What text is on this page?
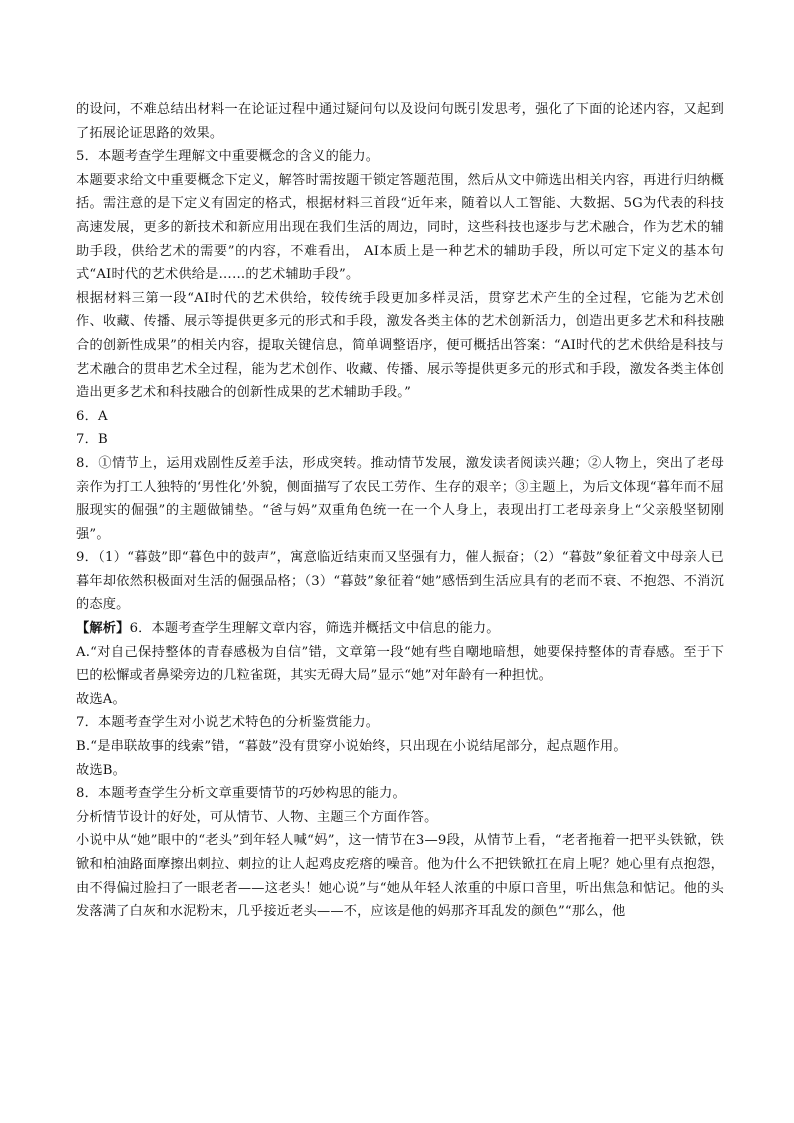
的设问，不难总结出材料一在论证过程中通过疑问句以及设问句既引发思考，强化了下面的论述内容，又起到了拓展论证思路的效果。

5．本题考查学生理解文中重要概念的含义的能力。

本题要求给文中重要概念下定义，解答时需按题干锁定答题范围，然后从文中筛选出相关内容，再进行归纳概括。需注意的是下定义有固定的格式，根据材料三首段“近年来，随着以人工智能、大数据、5G为代表的科技高速发展，更多的新技术和新应用出现在我们生活的周边，同时，这些科技也逐步与艺术融合，作为艺术的辅助手段，供给艺术的需要”的内容，不难看出， AI本质上是一种艺术的辅助手段，所以可定下定义的基本句式“AI时代的艺术供给是……的艺术辅助手段”。

根据材料三第一段“AI时代的艺术供给，较传统手段更加多样灵活，贯穿艺术产生的全过程，它能为艺术创作、收藏、传播、展示等提供更多元的形式和手段，激发各类主体的艺术创新活力，创造出更多艺术和科技融合的创新性成果”的相关内容，提取关键信息，简单调整语序，便可概括出答案：“AI时代的艺术供给是科技与艺术融合的贯串艺术全过程，能为艺术创作、收藏、传播、展示等提供更多元的形式和手段，激发各类主体创造出更多艺术和科技融合的创新性成果的艺术辅助手段。”

6．A

7．B

8．①情节上，运用戏剧性反差手法，形成突转。推动情节发展，激发读者阅读兴趣；②人物上，突出了老母亲作为打工人独特的‘男性化’外貌，侧面描写了农民工劳作、生存的艰辛；③主题上，为后文体现“暮年而不屈服现实的倔强”的主题做铺垫。“爸与妈”双重角色统一在一个人身上，表现出打工老母亲身上“父亲般坚韧刚强”。

9．（1）“暮鼓”即“暮色中的鼓声”，寓意临近结束而又坚强有力，催人振奋；（2）“暮鼓”象征着文中母亲人已暮年却依然积极面对生活的倔强品格；（3）“暮鼓”象征着“她”感悟到生活应具有的老而不衰、不抱怨、不消沉的态度。

【解析】6．本题考查学生理解文章内容，筛选并概括文中信息的能力。

A.“对自己保持整体的青春感极为自信”错，文章第一段“她有些自嘲地暗想，她要保持整体的青春感。至于下巴的松懈或者鼻梁旁边的几粒雀斑，其实无碍大局”显示“她”对年龄有一种担忧。

故选A。

7．本题考查学生对小说艺术特色的分析鉴赏能力。

B.“是串联故事的线索”错，“暮鼓”没有贯穿小说始终，只出现在小说结尾部分，起点题作用。

故选B。

8．本题考查学生分析文章重要情节的巧妙构思的能力。

分析情节设计的好处，可从情节、人物、主题三个方面作答。

小说中从“她”眼中的“老头”到年轻人喊“妈”，这一情节在3—9段，从情节上看，“老者拖着一把平头铁锨，铁锨和柏油路面摩擦出刺拉、刺拉的让人起鸡皮疙瘩的噪音。他为什么不把铁锨扛在肩上呢？她心里有点抱怨，由不得偏过脸扫了一眼老者——这老头！她心说”与“她从年轻人浓重的中原口音里，听出焦急和惦记。他的头发落满了白灰和水泥粉末，几乎接近老头——不，应该是他的妈那齐耳乱发的颜色”“那么，他
